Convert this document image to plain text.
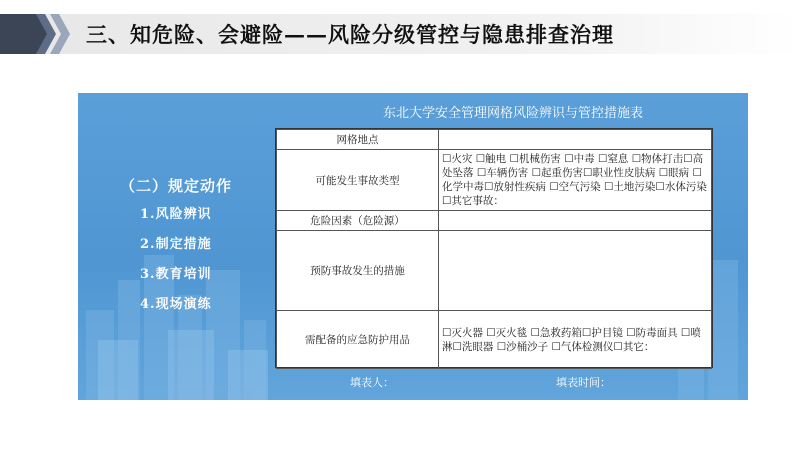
三、知危险、会避险——风险分级管控与隐患排查治理
（二）规定动作
1.风险辨识
2.制定措施
3.教育培训
4.现场演练
东北大学安全管理网格风险辨识与管控措施表
网格地点	
可能发生事故类型	☐火灾 ☐触电 ☐机械伤害 ☐中毒 ☐窒息 ☐物体打击☐高处坠落 ☐车辆伤害 ☐起重伤害☐职业性皮肤病 ☐眼病 ☐化学中毒☐放射性疾病 ☐空气污染 ☐土地污染☐水体污染 ☐其它事故：
危险因素（危险源）	
预防事故发生的措施	
需配备的应急防护用品	☐灭火器 ☐灭火毯 ☐急救药箱☐护目镜 ☐防毒面具 ☐喷淋☐洗眼器 ☐沙桶沙子 ☐气体检测仪☐其它：
填表人：	填表时间：
